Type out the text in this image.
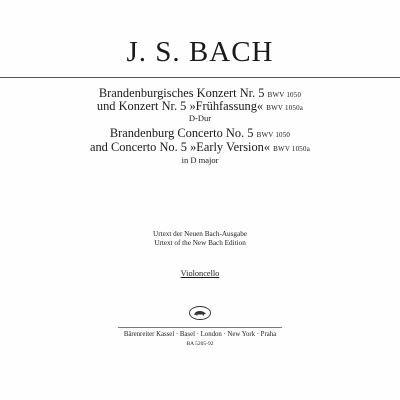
J. S. BACH
Brandenburgisches Konzert Nr. 5 BWV 1050
und Konzert Nr. 5 »Frühfassung« BWV 1050a
D-Dur
Brandenburg Concerto No. 5 BWV 1050
and Concerto No. 5 »Early Version« BWV 1050a
in D major
Urtext der Neuen Bach-Ausgabe
Urtext of the New Bach Edition
Violoncello
Bärenreiter Kassel · Basel · London · New York · Praha
BA 5205-92
